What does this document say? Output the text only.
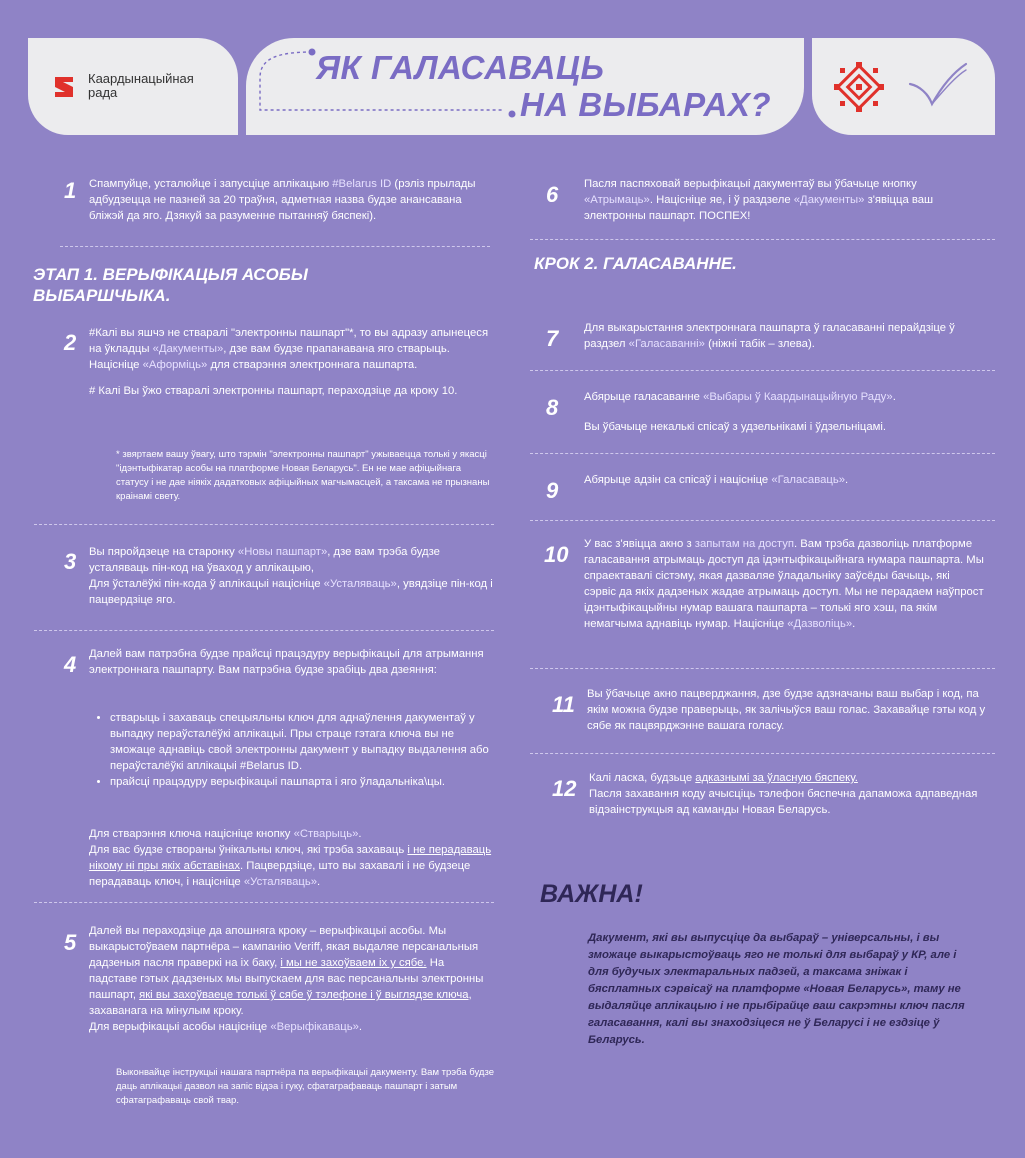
Каардынацыйная
рада
ЯК ГАЛАСАВАЦЬ
НА ВЫБАРАХ?
1 Спампуйце, усталюйце і запусціце аплікацыю #Belarus ID (рэліз прылады адбудзецца не пазней за 20 траўня, адметная назва будзе анансавана бліжэй да яго. Дзякуй за разуменне пытанняў бяспекі).
ЭТАП 1. ВЕРЫФІКАЦЫЯ АСОБЫ ВЫБАРШЧЫКА.
2 #Калі вы яшчэ не стваралі "электронны пашпарт"*, то вы адразу апынецеся на ўкладцы «Дакументы», дзе вам будзе прапанавана яго стварыць.

Націсніце «Аформіць» для стварэння электроннага пашпарта.

# Калі Вы ўжо стваралі электронны пашпарт, пераходзіце да кроку 10.

* звяртаем вашу ўвагу, што тэрмін "электронны пашпарт" ужываецца толькі у якасці "ідэнтыфікатар асобы на платформе Новая Беларусь". Ен не мае афіцыйнага статусу і не дае ніякіх дадатковых афіцыйных магчымасцей, а таксама не прызнаны краінамі свету.
3 Вы пяройдзеце на старонку «Новы пашпарт», дзе вам трэба будзе усталяваць пін-код на ўваход у аплікацыю,

Для ўсталёўкі пін-кода ў аплікацыі націсніце «Усталяваць», увядзіце пін-код і пацвердзіце яго.

4 Далей вам патрэбна будзе прайсці працэдуру верыфікацыі для атрымання электроннага пашпарту. Вам патрэбна будзе зрабіць два дзеяння:
• стварыць і захаваць спецыяльны ключ для аднаўлення дакументаў у выпадку пераўсталёўкі аплікацыі. Пры страце гэтага ключа вы не зможаце аднавіць свой электронны дакумент у выпадку выдалення або пераўсталёўкі аплікацыі #Belarus ID.
• прайсці працэдуру верыфікацыі пашпарта і яго ўладальніка\цы.

Для стварэння ключа націсніце кнопку «Стварыць».

Для вас будзе створаны ўнікальны ключ, які трэба захаваць і не перадаваць нікому ні пры якіх абставінах. Пацвердзіце, што вы захавалі і не будзеце перадаваць ключ, і націсніце «Усталяваць».

5 Далей вы пераходзіце да апошняга кроку – верыфікацыі асобы. Мы выкарыстоўваем партнёра – кампанію Veriff, якая выдаляе персанальныя дадзеныя пасля праверкі на іх баку, і мы не захоўваем іх у сябе. На падставе гэтых дадзеных мы выпускаем для вас персанальны электронны пашпарт, які вы захоўваеце толькі ў сябе ў тэлефоне і ў выглядзе ключа, захаванага на мінулым кроку.

Для верыфікацыі асобы націсніце «Верыфікаваць».

Выконвайце інструкцыі нашага партнёра па верыфікацыі дакументу. Вам трэба будзе даць аплікацыі дазвол на запіс відэа і гуку, сфатаграфаваць пашпарт і затым сфатаграфаваць свой твар.
6 Пасля паспяховай верыфікацыі дакументаў вы ўбачыце кнопку «Атрымаць». Націсніце яе, і ў раздзеле «Дакументы» з'явіцца ваш электронны пашпарт. ПОСПЕХ!
КРОК 2. ГАЛАСАВАННЕ.
7 Для выкарыстання электроннага пашпарта ў галасаванні перайдзіце ў раздзел «Галасаванні» (ніжні табік – злева).
8 Абярыце галасаванне «Выбары ў Каардынацыйную Раду».

Вы ўбачыце некалькі спісаў з удзельнікамі і ўдзельніцамі.

9 Абярыце адзін са спісаў і націсніце «Галасаваць».
10 У вас з'явіцца акно з запытам на доступ. Вам трэба дазволіць платформе галасавання атрымаць доступ да ідэнтыфікацыйнага нумара пашпарта. Мы спраектавалі сістэму, якая дазваляе ўладальніку заўсёды бачыць, які сэрвіс да якіх дадзеных жадае атрымаць доступ. Мы не перадаем наўпрост ідэнтыфікацыйны нумар вашага пашпарта – толькі яго хэш, па якім немагчыма аднавіць нумар. Націсніце «Дазволіць».
11 Вы ўбачыце акно пацверджання, дзе будзе адзначаны ваш выбар і код, па якім можна будзе праверыць, як залічыўся ваш голас. Захавайце гэты код у сябе як пацвярджэнне вашага голасу.
12 Калі ласка, будзьце адказнымі за ўласную бяспеку.

Пасля захавання коду ачысціць тэлефон бяспечна дапаможа адпаведная відэаінструкцыя ад каманды Новая Беларусь.

ВАЖНА!
Дакумент, які вы выпусціце да выбараў – універсальны, і вы зможаце выкарыстоўваць яго не толькі для выбараў у КР, але і для будучых электаральных падзей, а таксама зніжак і бясплатных сэрвісаў на платформе «Новая Беларусь», таму не выдаляйце аплікацыю і не прыбірайце ваш сакрэтны ключ пасля галасавання, калі вы знаходзіцеся не ў Беларусі і не ездзіце ў Беларусь.
